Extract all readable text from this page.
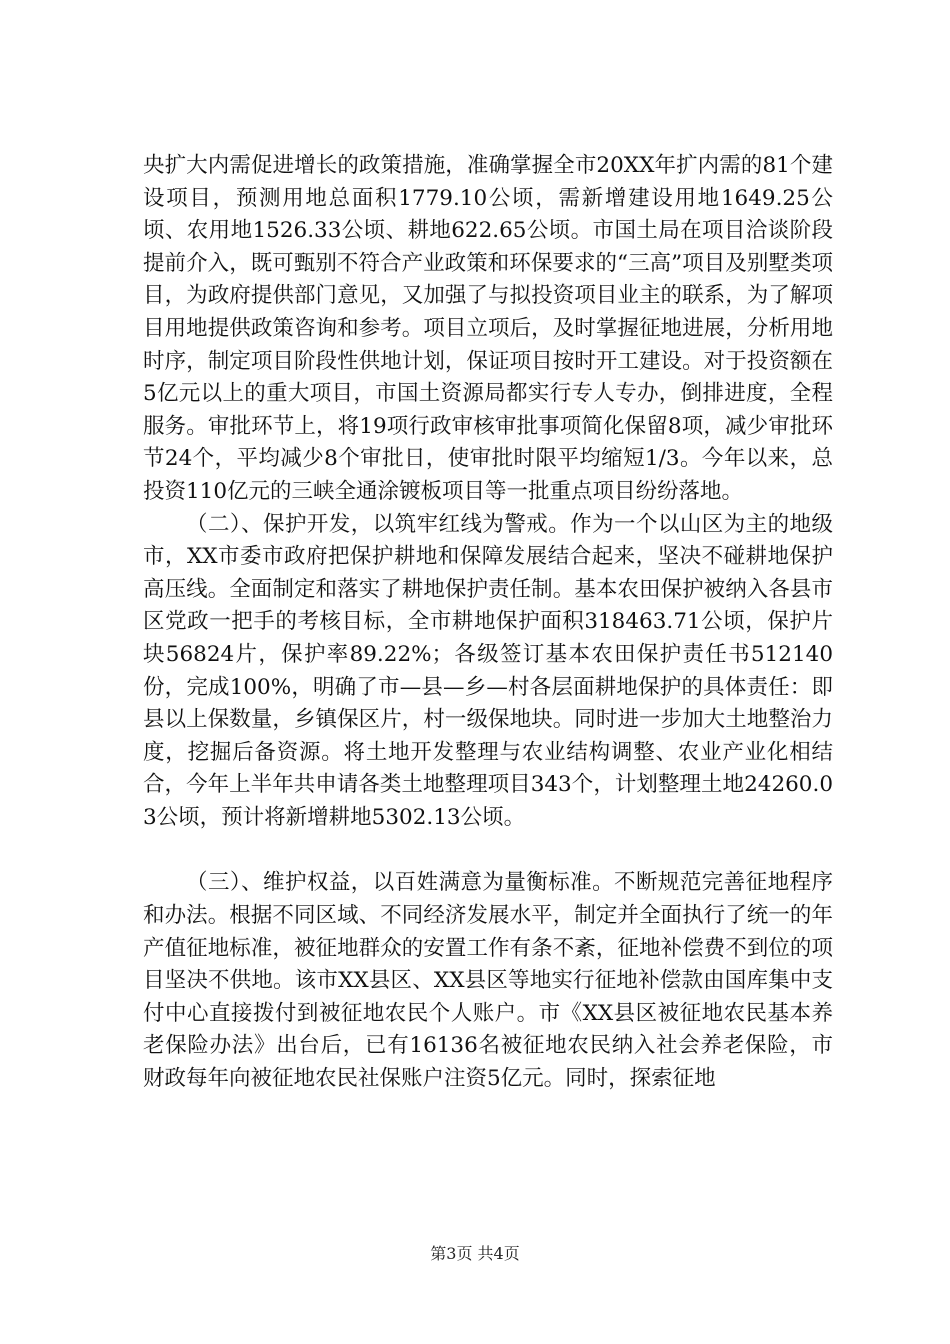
央扩大内需促进增长的政策措施，准确掌握全市20XX年扩内需的81个建设项目，预测用地总面积1779.10公顷，需新增建设用地1649.25公顷、农用地1526.33公顷、耕地622.65公顷。市国土局在项目洽谈阶段提前介入，既可甄别不符合产业政策和环保要求的“三高”项目及别墅类项目，为政府提供部门意见，又加强了与拟投资项目业主的联系，为了解项目用地提供政策咨询和参考。项目立项后，及时掌握征地进展，分析用地时序，制定项目阶段性供地计划，保证项目按时开工建设。对于投资额在5亿元以上的重大项目，市国土资源局都实行专人专办，倒排进度，全程服务。审批环节上，将19项行政审核审批事项简化保留8项，减少审批环节24个，平均减少8个审批日，使审批时限平均缩短1/3。今年以来，总投资110亿元的三峡全通涂镀板项目等一批重点项目纷纷落地。

（二）、保护开发，以筑牢红线为警戒。作为一个以山区为主的地级市，XX市委市政府把保护耕地和保障发展结合起来，坚决不碰耕地保护高压线。全面制定和落实了耕地保护责任制。基本农田保护被纳入各县市区党政一把手的考核目标，全市耕地保护面积318463.71公顷，保护片块56824片，保护率89.22%；各级签订基本农田保护责任书512140份，完成100%，明确了市—县—乡—村各层面耕地保护的具体责任：即县以上保数量，乡镇保区片，村一级保地块。同时进一步加大土地整治力度，挖掘后备资源。将土地开发整理与农业结构调整、农业产业化相结合，今年上半年共申请各类土地整理项目343个，计划整理土地24260.03公顷，预计将新增耕地5302.13公顷。

（三）、维护权益，以百姓满意为量衡标准。不断规范完善征地程序和办法。根据不同区域、不同经济发展水平，制定并全面执行了统一的年产值征地标准，被征地群众的安置工作有条不紊，征地补偿费不到位的项目坚决不供地。该市XX县区、XX县区等地实行征地补偿款由国库集中支付中心直接拨付到被征地农民个人账户。市《XX县区被征地农民基本养老保险办法》出台后，已有16136名被征地农民纳入社会养老保险，市财政每年向被征地农民社保账户注资5亿元。同时，探索征地

第3页 共4页
